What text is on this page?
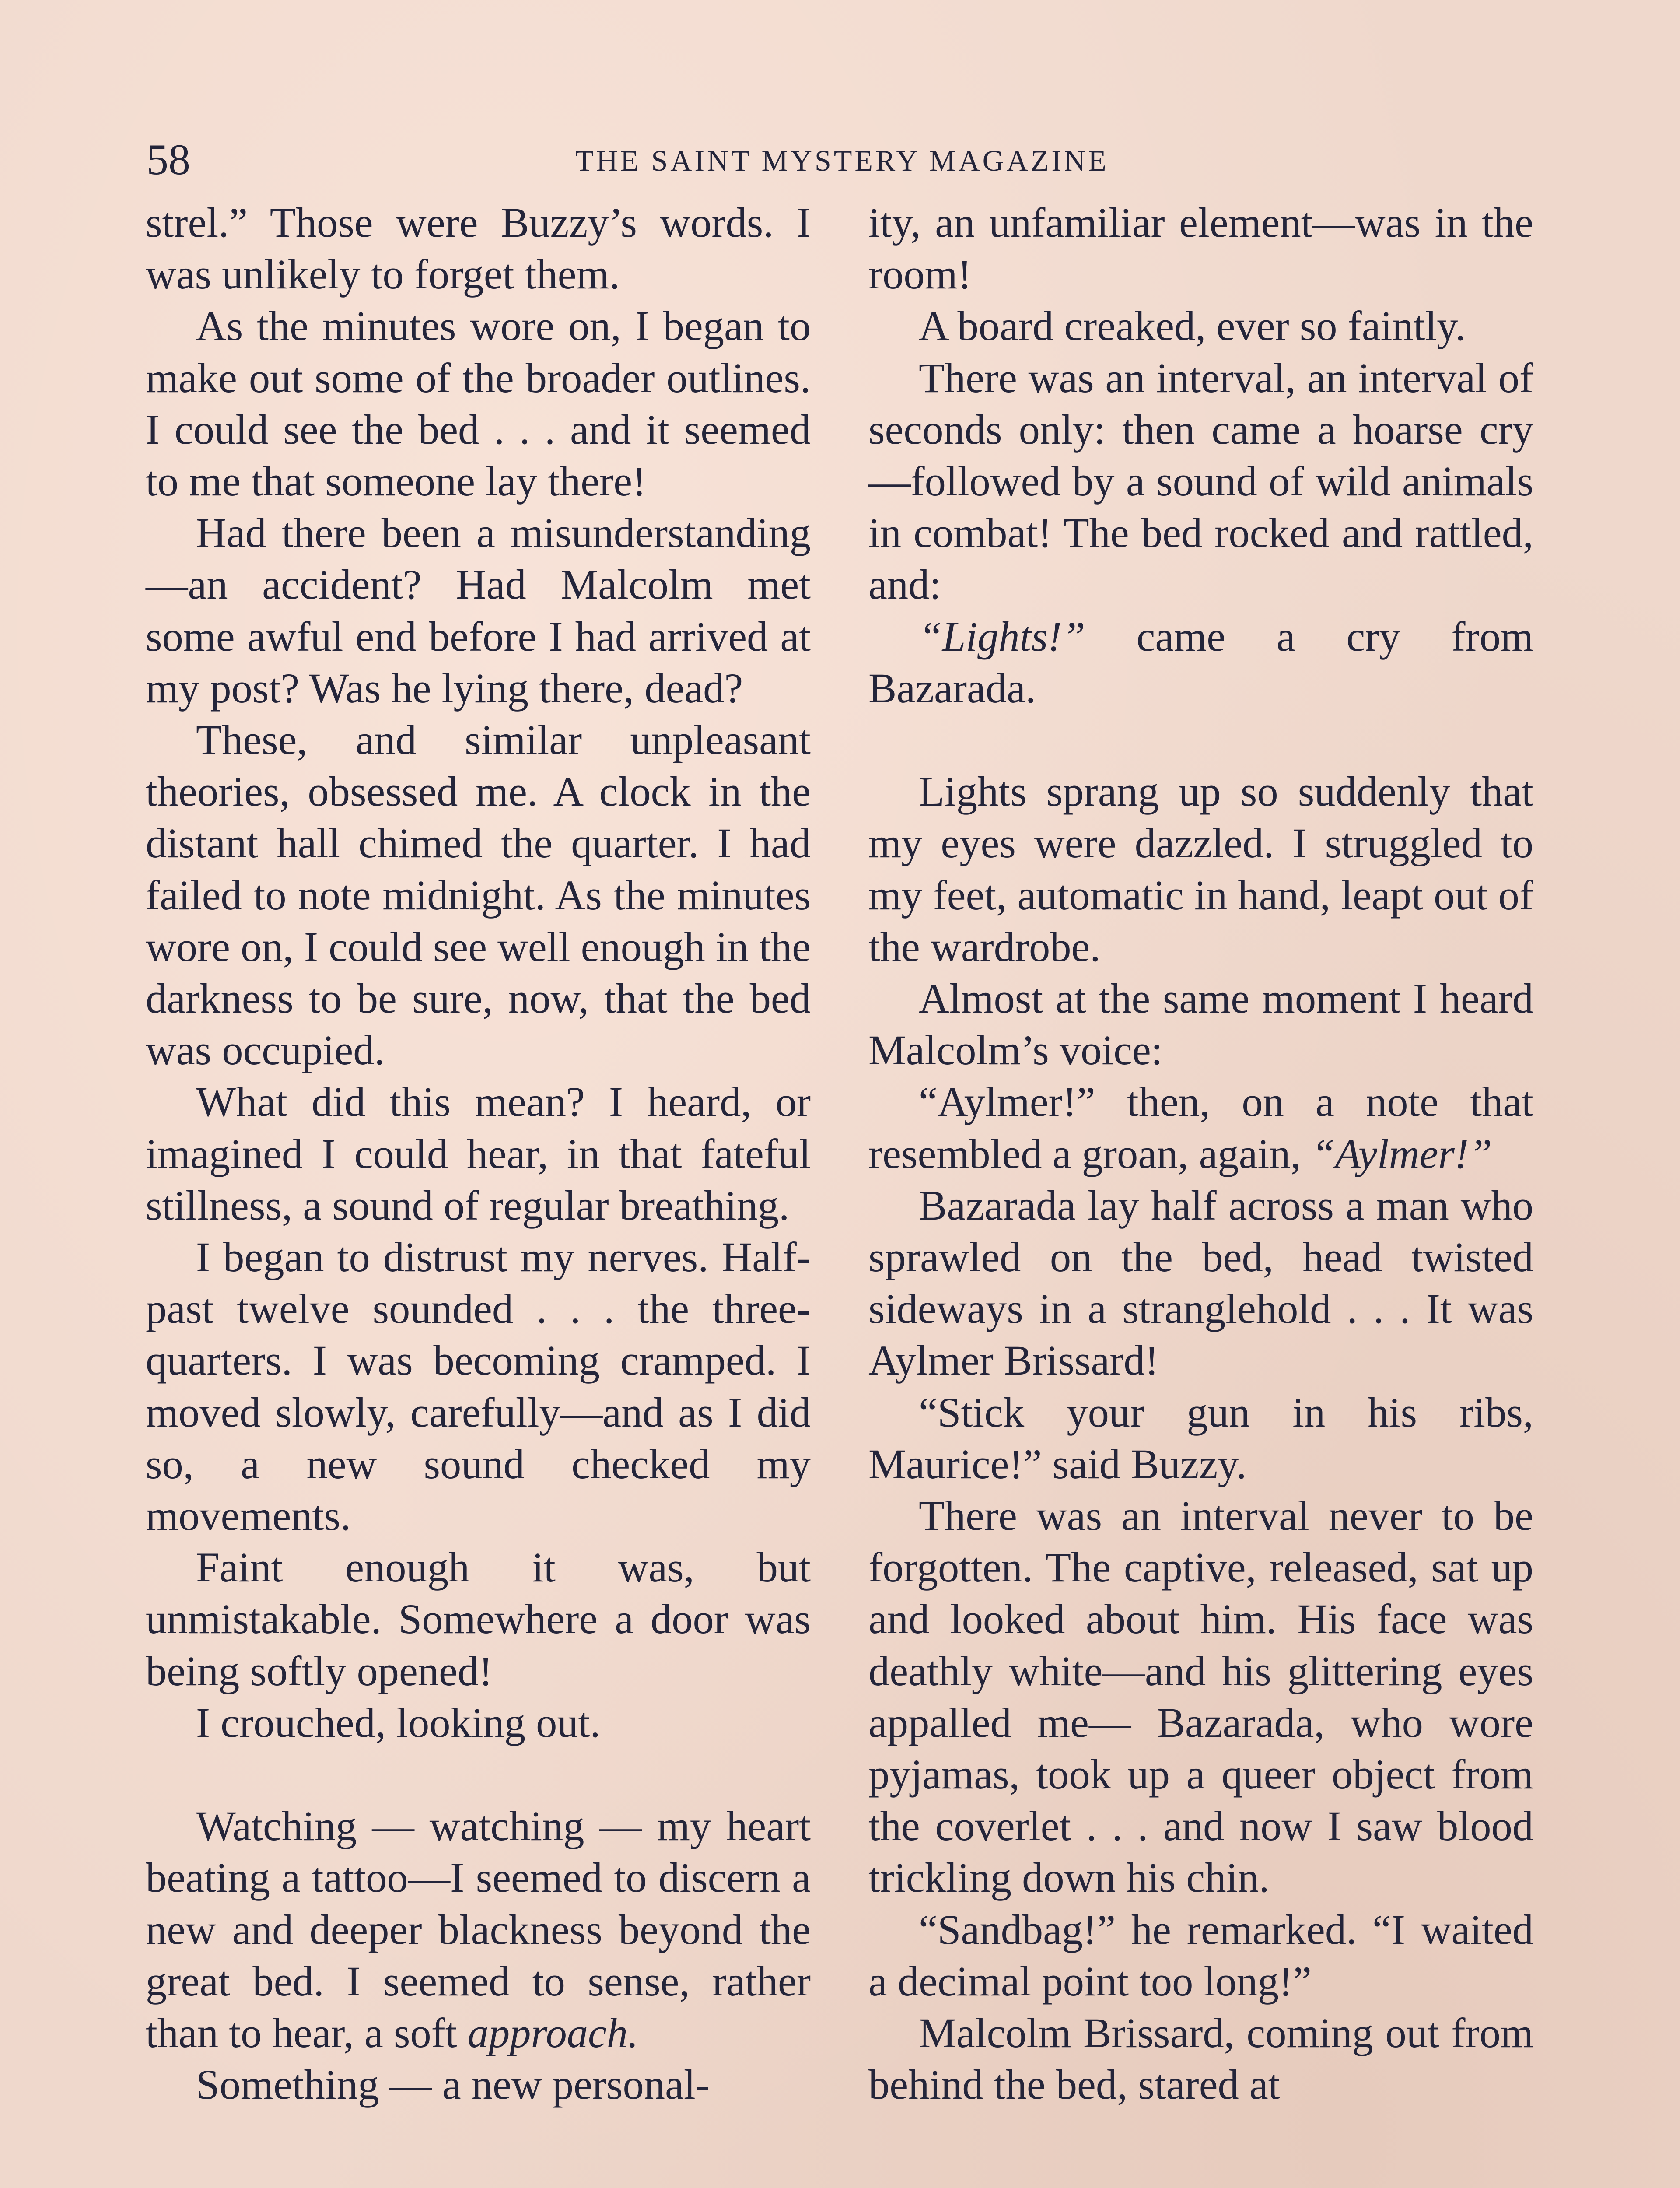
58	THE SAINT MYSTERY MAGAZINE

strel.” Those were Buzzy’s words. I was unlikely to forget them.

As the minutes wore on, I began to make out some of the broader outlines. I could see the bed . . . and it seemed to me that someone lay there!

Had there been a misunderstanding—an accident? Had Malcolm met some awful end before I had arrived at my post? Was he lying there, dead?

These, and similar unpleasant theories, obsessed me. A clock in the distant hall chimed the quarter. I had failed to note midnight. As the minutes wore on, I could see well enough in the darkness to be sure, now, that the bed was occupied.

What did this mean? I heard, or imagined I could hear, in that fateful stillness, a sound of regular breathing.

I began to distrust my nerves. Half-past twelve sounded . . . the three-quarters. I was becoming cramped. I moved slowly, carefully—and as I did so, a new sound checked my movements.

Faint enough it was, but unmistakable. Somewhere a door was being softly opened!

I crouched, looking out.

Watching — watching — my heart beating a tattoo—I seemed to discern a new and deeper blackness beyond the great bed. I seemed to sense, rather than to hear, a soft approach.

Something — a new personal-

ity, an unfamiliar element—was in the room!

A board creaked, ever so faintly.

There was an interval, an interval of seconds only: then came a hoarse cry—followed by a sound of wild animals in combat! The bed rocked and rattled, and:

“Lights!” came a cry from Bazarada.

Lights sprang up so suddenly that my eyes were dazzled. I struggled to my feet, automatic in hand, leapt out of the wardrobe.

Almost at the same moment I heard Malcolm’s voice:

“Aylmer!” then, on a note that resembled a groan, again, “Aylmer!”

Bazarada lay half across a man who sprawled on the bed, head twisted sideways in a stranglehold . . . It was Aylmer Brissard!

“Stick your gun in his ribs, Maurice!” said Buzzy.

There was an interval never to be forgotten. The captive, released, sat up and looked about him. His face was deathly white—and his glittering eyes appalled me— Bazarada, who wore pyjamas, took up a queer object from the coverlet . . . and now I saw blood trickling down his chin.

“Sandbag!” he remarked. “I waited a decimal point too long!”

Malcolm Brissard, coming out from behind the bed, stared at
